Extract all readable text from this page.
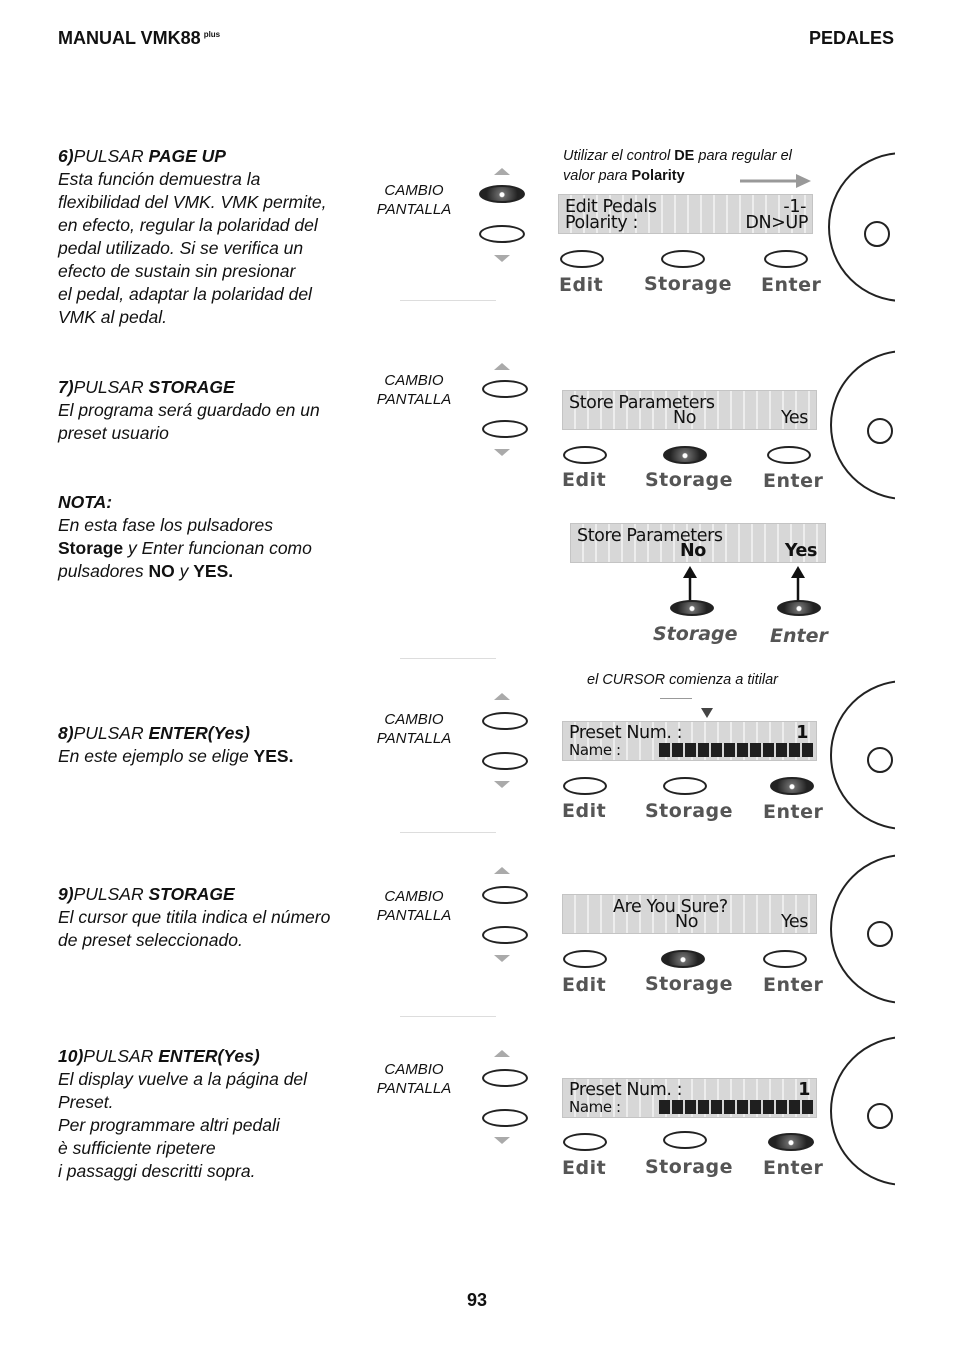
MANUAL VMK88 $^{plus}$	PEDALES
6)PULSAR PAGE UP
Esta función demuestra la
flexibilidad del VMK. VMK permite,
en efecto, regular la polaridad del
pedal utilizado. Si se verifica un
efecto de sustain sin presionar
el pedal, adaptar la polaridad del
VMK al pedal.
CAMBIO
PANTALLA
Utilizar el control DE para regular el
valor para Polarity
Edit Pedals	-1-
Polarity :	DN>UP
Edit Storage Enter
7)PULSAR STORAGE
El programa será guardado en un
preset usuario
CAMBIO
PANTALLA	Store Parameters
No	Yes
Edit Storage Enter
NOTA:
En esta fase los pulsadores
Storage y Enter funcionan como
pulsadores NO y YES.
Store Parameters
No	Yes
Storage Enter
el CURSOR comienza a titilar
8)PULSAR ENTER(Yes)
En este ejemplo se elige YES.
CAMBIO
PANTALLA	Preset Num. :	1
Name :
Edit Storage Enter
9)PULSAR STORAGE
El cursor que titila indica el número
de preset seleccionado.
CAMBIO
PANTALLA	Are You Sure?
No	Yes
Edit Storage Enter
10)PULSAR ENTER(Yes)
El display vuelve a la página del
Preset.
Per programmare altri pedali
è sufficiente ripetere
i passaggi descritti sopra.
CAMBIO
PANTALLA	Preset Num. :	1
Name :
Edit Storage Enter
93
